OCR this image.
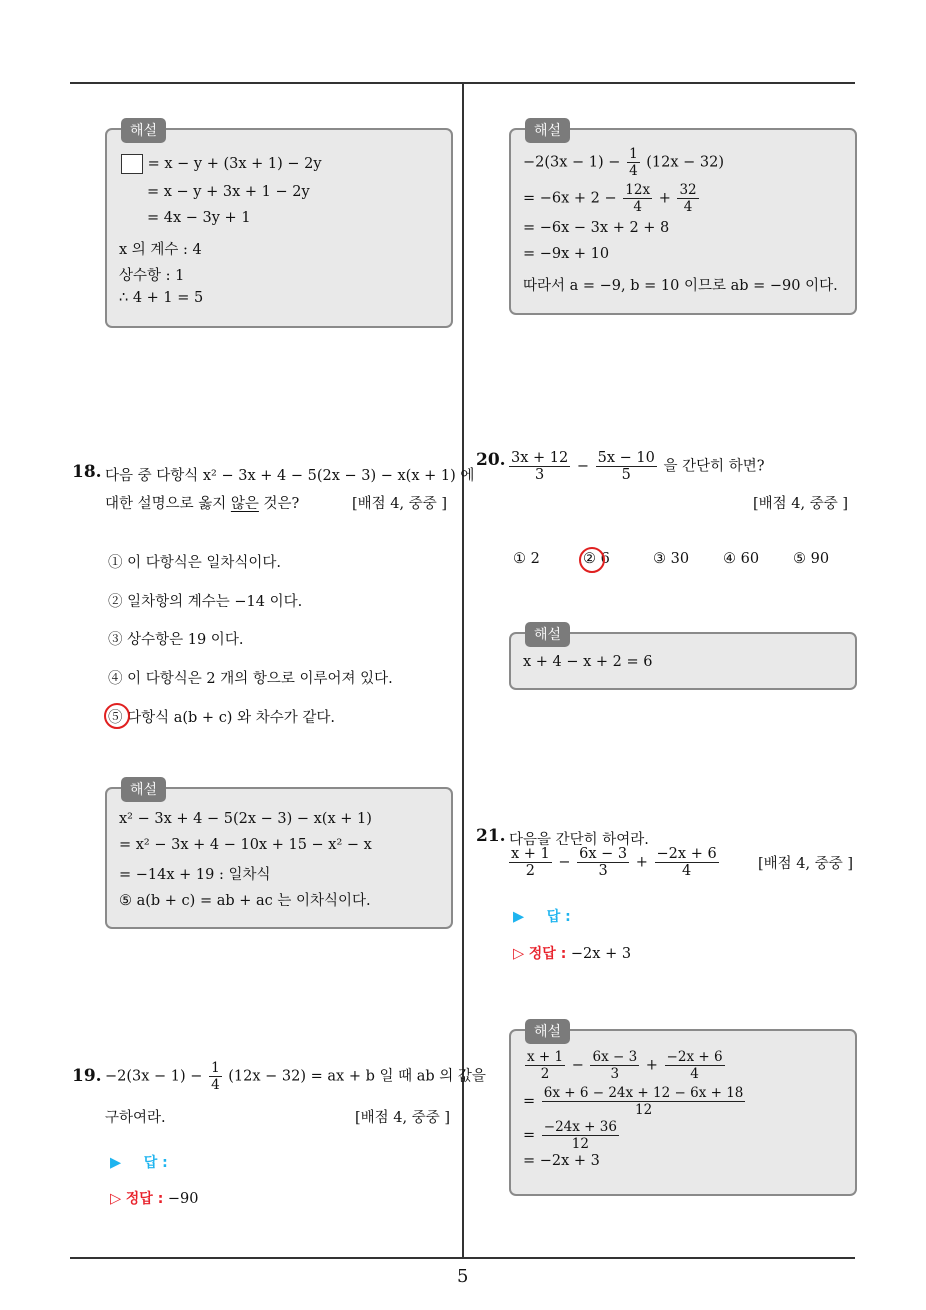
5
해설
= x − y + (3x + 1) − 2y
= x − y + 3x + 1 − 2y
= 4x − 3y + 1
x 의 계수 : 4
상수항 : 1
∴ 4 + 1 = 5
18. 다음 중 다항식 x² − 3x + 4 − 5(2x − 3) − x(x + 1) 에
대한 설명으로 옳지 않은 것은?	[배점 4, 중중 ]
① 이 다항식은 일차식이다.
② 일차항의 계수는 −14 이다.
③ 상수항은 19 이다.
④ 이 다항식은 2 개의 항으로 이루어져 있다.
⑤ 다항식 a(b + c) 와 차수가 같다.
해설
x² − 3x + 4 − 5(2x − 3) − x(x + 1)
= x² − 3x + 4 − 10x + 15 − x² − x
= −14x + 19 : 일차식
⑤ a(b + c) = ab + ac 는 이차식이다.
19. $-2(3x - 1) - \frac{1}{4} (12x - 32)$ = ax + b 일 때 ab 의 값을
구하여라.	[배점 4, 중중 ]
▶ 답 :
▷ 정답 : −90
해설
$-2(3x - 1) - \frac{1}{4} (12x - 32)$
= $-6x + 2 - \frac{12x}{4} + \frac{32}{4}$
= −6x − 3x + 2 + 8
= −9x + 10
따라서 a = −9, b = 10 이므로 ab = −90 이다.
20. $\frac{3x + 12}{3} - \frac{5x - 10}{5}$ 을 간단히 하면?
[배점 4, 중중 ]
① 2	② 6	③ 30 ④ 60 ⑤ 90
해설
x + 4 − x + 2 = 6
21. 다음을 간단히 하여라.
$\frac{x + 1}{2} - \frac{6x - 3}{3} + \frac{-2x + 6}{4}$	[배점 4, 중중 ]
▶ 답 :
▷ 정답 : −2x + 3
해설
$\frac{x + 1}{2} - \frac{6x - 3}{3} + \frac{-2x + 6}{4}$
= $\frac{6x + 6 - 24x + 12 - 6x + 18}{12}$
= $\frac{-24x + 36}{12}$
= −2x + 3
